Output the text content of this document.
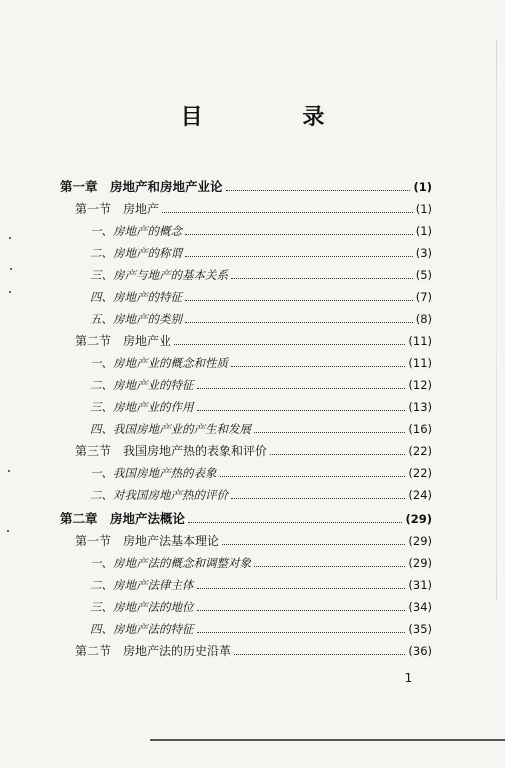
目 录
第一章　房地产和房地产业论	(1)
第一节　房地产	(1)
一、房地产的概念	(1)
二、房地产的称谓	(3)
三、房产与地产的基本关系	(5)
四、房地产的特征	(7)
五、房地产的类别	(8)
第二节　房地产业	(11)
一、房地产业的概念和性质	(11)
二、房地产业的特征	(12)
三、房地产业的作用	(13)
四、我国房地产业的产生和发展	(16)
第三节　我国房地产热的表象和评价	(22)
一、我国房地产热的表象	(22)
二、对我国房地产热的评价	(24)
第二章　房地产法概论	(29)
第一节　房地产法基本理论	(29)
一、房地产法的概念和调整对象	(29)
二、房地产法律主体	(31)
三、房地产法的地位	(34)
四、房地产法的特征	(35)
第二节　房地产法的历史沿革	(36)
1
